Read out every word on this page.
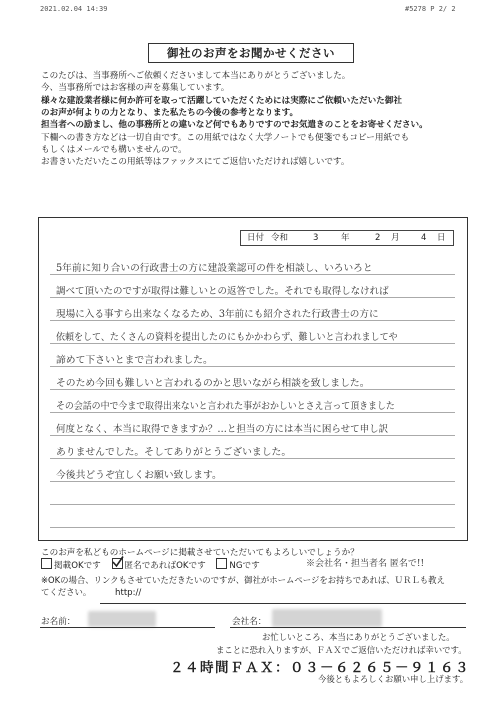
2021.02.04 14:39	#5278 P 2/ 2
御社のお声をお聞かせください

このたびは、当事務所へご依頼くださいまして本当にありがとうございました。

今、当事務所ではお客様の声を募集しています。

様々な建設業者様に何か許可を取って活躍していただくためには実際にご依頼いただいた御社

のお声が何よりの力となり、また私たちの今後の参考となります。

担当者への励まし、他の事務所との違いなど何でもありですのでお気遣きのことをお寄せください。

下欄への書き方などは一切自由です。この用紙ではなく大学ノートでも便箋でもコピー用紙でも

もしくはメールでも構いませんので。

お書きいただいたこの用紙等はファックスにてご返信いただければ嬉しいです。

日付 令和	3	年	2 月	4 日
5年前に知り合いの行政書士の方に建設業認可の件を相談し、いろいろと
調べて頂いたのですが取得は難しいとの返答でした。それでも取得しなければ
現場に入る事すら出来なくなるため、3年前にも紹介された行政書士の方に
依頼をして、たくさんの資料を提出したのにもかかわらず、難しいと言われましてや
諦めて下さいとまで言われました。
そのため今回も難しいと言われるのかと思いながら相談を致しました。
その会話の中で今まで取得出来ないと言われた事がおかしいとさえ言って頂きました
何度となく、本当に取得できますか？…と担当の方には本当に困らせて申し訳
ありませんでした。そしてありがとうございました。
今後共どうぞ宜しくお願い致します。
このお声を私どものホームページに掲載させていただいてもよろしいでしょうか？
掲載OKです	匿名であればOKです	NGです	※会社名・担当者名 匿名で!!
※OKの場合、リンクもさせていただきたいのですが、御社がホームページをお持ちであれば、ＵＲＬも教え
てください。	http://
お名前：	会社名：
お忙しいところ、本当にありがとうございました。
まことに恐れ入りますが、ＦＡＸでご返信いただければ幸いです。
２４時間ＦＡＸ：０３－６２６５－９１６３
今後ともよろしくお願い申し上げます。
